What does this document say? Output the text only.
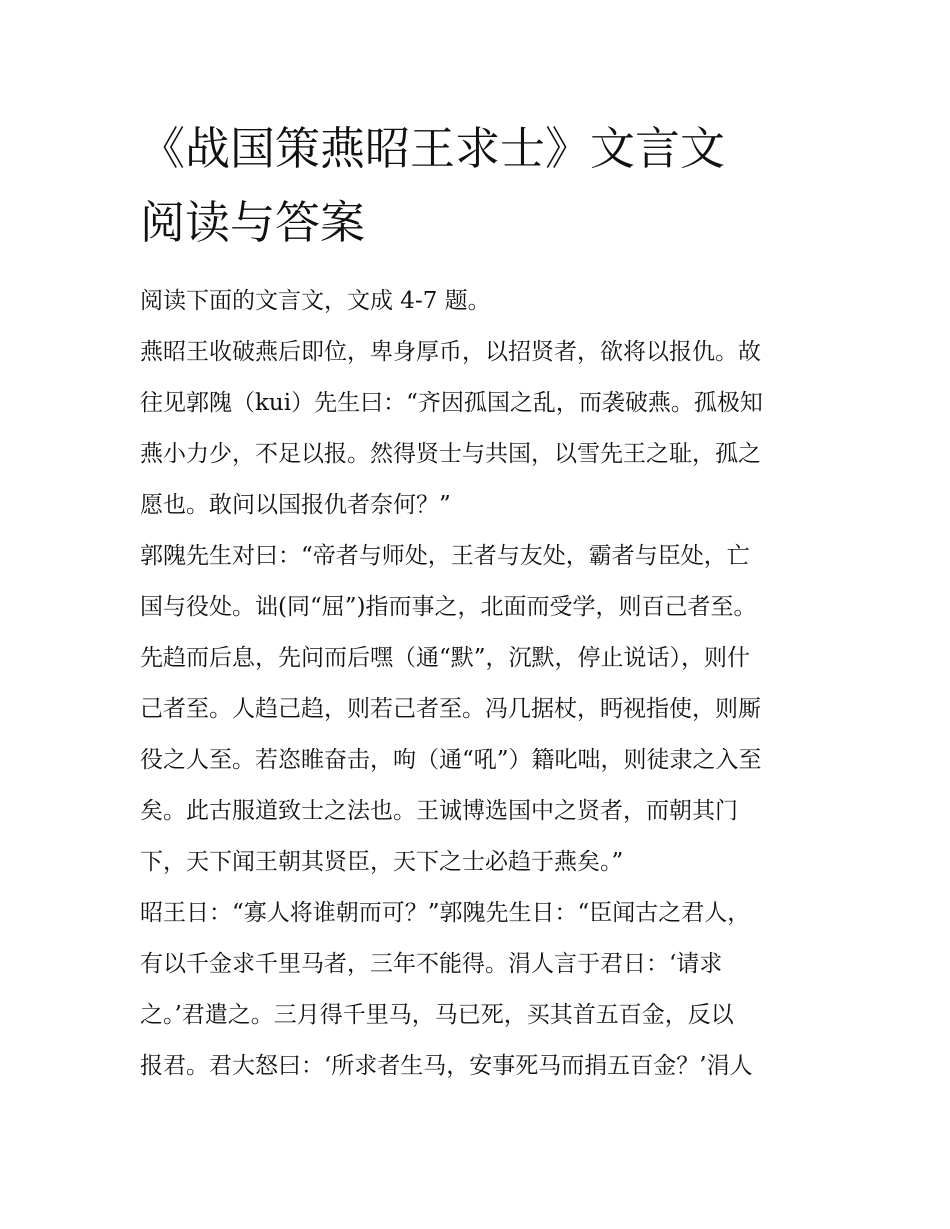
《战国策燕昭王求士》文言文
阅读与答案
阅读下面的文言文，文成 4-7 题。
燕昭王收破燕后即位，卑身厚币，以招贤者，欲将以报仇。故
往见郭隗（kui）先生曰：“齐因孤国之乱，而袭破燕。孤极知
燕小力少，不足以报。然得贤士与共国，以雪先王之耻，孤之
愿也。敢问以国报仇者奈何？”
郭隗先生对曰：“帝者与师处，王者与友处，霸者与臣处，亡
国与役处。诎(同“屈”)指而事之，北面而受学，则百己者至。
先趋而后息，先问而后嘿（通“默”，沉默，停止说话），则什
己者至。人趋己趋，则若己者至。冯几据杖，眄视指使，则厮
役之人至。若恣睢奋击，呴（通“吼”）籍叱咄，则徒隶之入至
矣。此古服道致士之法也。王诚博选国中之贤者，而朝其门
下，天下闻王朝其贤臣，天下之士必趋于燕矣。”
昭王日：“寡人将谁朝而可？”郭隗先生日：“臣闻古之君人，
有以千金求千里马者，三年不能得。涓人言于君日：‘请求
之。’君遣之。三月得千里马，马已死，买其首五百金，反以
报君。君大怒曰：‘所求者生马，安事死马而捐五百金？’涓人
